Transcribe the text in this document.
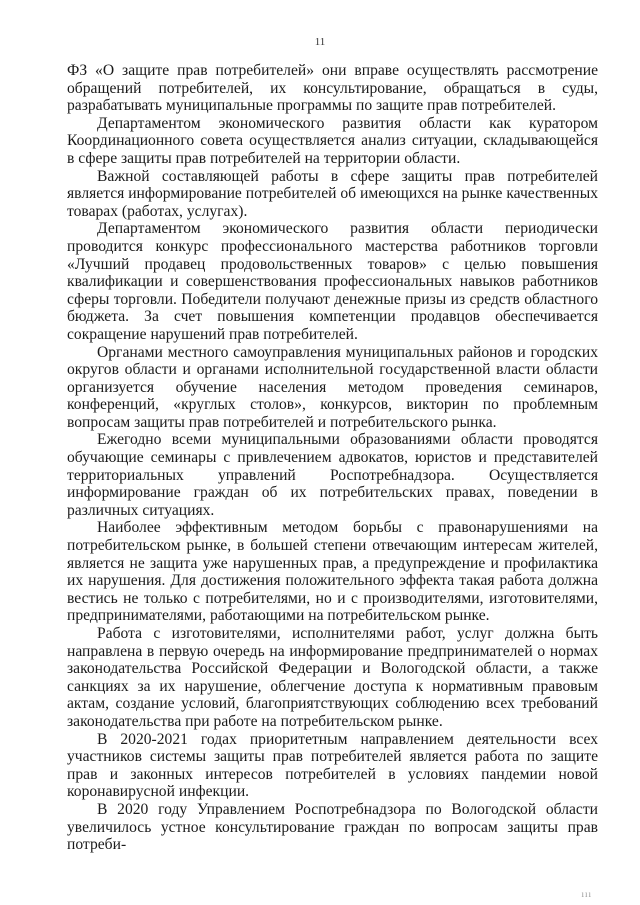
11

ФЗ «О защите прав потребителей» они вправе осуществлять рассмотрение обращений потребителей, их консультирование, обращаться в суды, разрабатывать муниципальные программы по защите прав потребителей.

Департаментом экономического развития области как куратором Координационного совета осуществляется анализ ситуации, складывающейся в сфере защиты прав потребителей на территории области.

Важной составляющей работы в сфере защиты прав потребителей является информирование потребителей об имеющихся на рынке качественных товарах (работах, услугах).

Департаментом экономического развития области периодически проводится конкурс профессионального мастерства работников торговли «Лучший продавец продовольственных товаров» с целью повышения квалификации и совершенствования профессиональных навыков работников сферы торговли. Победители получают денежные призы из средств областного бюджета. За счет повышения компетенции продавцов обеспечивается сокращение нарушений прав потребителей.

Органами местного самоуправления муниципальных районов и городских округов области и органами исполнительной государственной власти области организуется обучение населения методом проведения семинаров, конференций, «круглых столов», конкурсов, викторин по проблемным вопросам защиты прав потребителей и потребительского рынка.

Ежегодно всеми муниципальными образованиями области проводятся обучающие семинары с привлечением адвокатов, юристов и представителей территориальных управлений Роспотребнадзора. Осуществляется информирование граждан об их потребительских правах, поведении в различных ситуациях.

Наиболее эффективным методом борьбы с правонарушениями на потребительском рынке, в большей степени отвечающим интересам жителей, является не защита уже нарушенных прав, а предупреждение и профилактика их нарушения. Для достижения положительного эффекта такая работа должна вестись не только с потребителями, но и с производителями, изготовителями, предпринимателями, работающими на потребительском рынке.

Работа с изготовителями, исполнителями работ, услуг должна быть направлена в первую очередь на информирование предпринимателей о нормах законодательства Российской Федерации и Вологодской области, а также санкциях за их нарушение, облегчение доступа к нормативным правовым актам, создание условий, благоприятствующих соблюдению всех требований законодательства при работе на потребительском рынке.

В 2020-2021 годах приоритетным направлением деятельности всех участников системы защиты прав потребителей является работа по защите прав и законных интересов потребителей в условиях пандемии новой коронавирусной инфекции.

В 2020 году Управлением Роспотребнадзора по Вологодской области увеличилось устное консультирование граждан по вопросам защиты прав потреби-

ııı
